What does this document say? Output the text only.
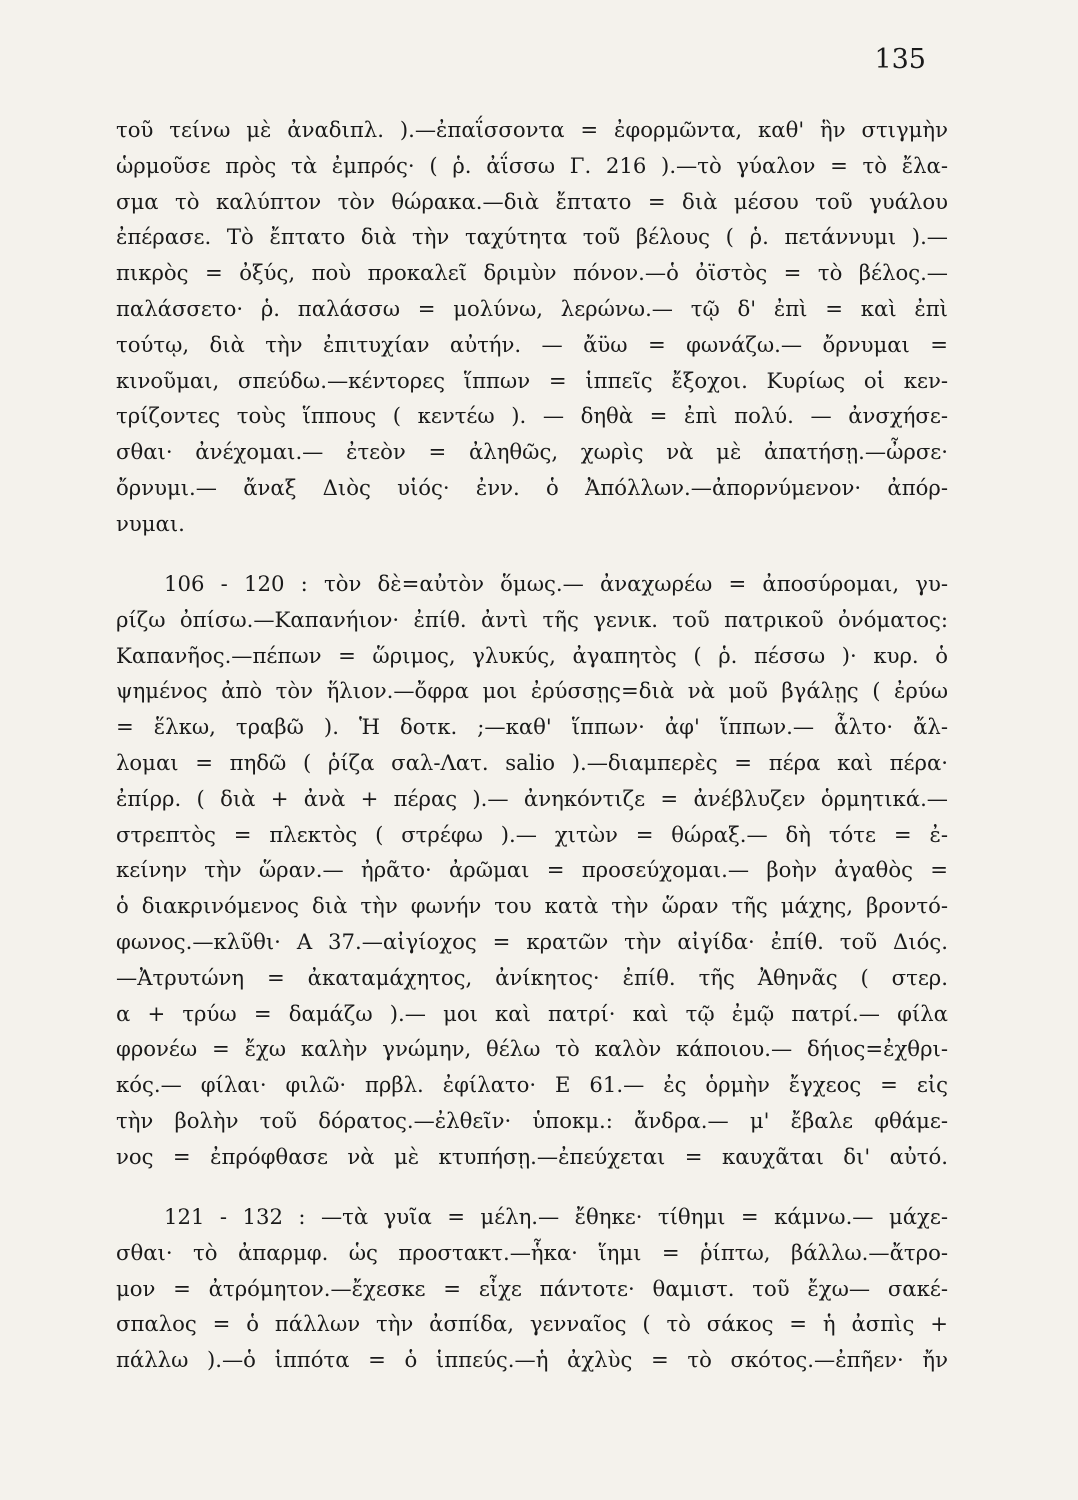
135
τοῦ τείνω μὲ ἀναδιπλ. ).—ἐπαΐσσοντα = ἐφορμῶντα, καθ' ἣν στιγμὴν
ὡρμοῦσε πρὸς τὰ ἐμπρός· ( ῥ. ἀΐσσω Γ. 216 ).—τὸ γύαλον = τὸ ἔλα-
σμα τὸ καλύπτον τὸν θώρακα.—διὰ ἔπτατο = διὰ μέσου τοῦ γυάλου
ἐπέρασε. Τὸ ἔπτατο διὰ τὴν ταχύτητα τοῦ βέλους ( ῥ. πετάννυμι ).—
πικρὸς = ὀξύς, ποὺ προκαλεῖ δριμὺν πόνον.—ὁ ὀϊστὸς = τὸ βέλος.—
παλάσσετο· ῥ. παλάσσω = μολύνω, λερώνω.— τῷ δ' ἐπὶ = καὶ ἐπὶ
τούτῳ, διὰ τὴν ἐπιτυχίαν αὐτήν. — ἄϋω = φωνάζω.— ὄρνυμαι =
κινοῦμαι, σπεύδω.—κέντορες ἵππων = ἱππεῖς ἔξοχοι. Κυρίως οἱ κεν-
τρίζοντες τοὺς ἵππους ( κεντέω ). — δηθὰ = ἐπὶ πολύ. — ἀνσχήσε-
σθαι· ἀνέχομαι.— ἐτεὸν = ἀληθῶς, χωρὶς νὰ μὲ ἀπατήσῃ.—ὦρσε·
ὄρνυμι.— ἄναξ Διὸς υἱός· ἐνν. ὁ Ἀπόλλων.—ἀπορνύμενον· ἀπόρ-
νυμαι.
106 - 120 : τὸν δὲ=αὐτὸν ὅμως.— ἀναχωρέω = ἀποσύρομαι, γυ-
ρίζω ὀπίσω.—Καπανήιον· ἐπίθ. ἀντὶ τῆς γενικ. τοῦ πατρικοῦ ὀνόματος:
Καπανῆος.—πέπων = ὥριμος, γλυκύς, ἀγαπητὸς ( ῥ. πέσσω )· κυρ. ὁ
ψημένος ἀπὸ τὸν ἥλιον.—ὄφρα μοι ἐρύσσῃς=διὰ νὰ μοῦ βγάλῃς ( ἐρύω
= ἕλκω, τραβῶ ). Ἡ δοτκ. ;—καθ' ἵππων· ἀφ' ἵππων.— ἆλτο· ἄλ-
λομαι = πηδῶ ( ῥίζα σαλ-Λατ. salio ).—διαμπερὲς = πέρα καὶ πέρα·
ἐπίρρ. ( διὰ + ἀνὰ + πέρας ).— ἀνηκόντιζε = ἀνέβλυζεν ὁρμητικά.—
στρεπτὸς = πλεκτὸς ( στρέφω ).— χιτὼν = θώραξ.— δὴ τότε = ἐ-
κείνην τὴν ὥραν.— ἠρᾶτο· ἀρῶμαι = προσεύχομαι.— βοὴν ἀγαθὸς =
ὁ διακρινόμενος διὰ τὴν φωνήν του κατὰ τὴν ὥραν τῆς μάχης, βροντό-
φωνος.—κλῦθι· Α 37.—αἰγίοχος = κρατῶν τὴν αἰγίδα· ἐπίθ. τοῦ Διός.
—Ἀτρυτώνη = ἀκαταμάχητος, ἀνίκητος· ἐπίθ. τῆς Ἀθηνᾶς ( στερ.
α + τρύω = δαμάζω ).— μοι καὶ πατρί· καὶ τῷ ἐμῷ πατρί.— φίλα
φρονέω = ἔχω καλὴν γνώμην, θέλω τὸ καλὸν κάποιου.— δήιος=ἐχθρι-
κός.— φίλαι· φιλῶ· πρβλ. ἐφίλατο· Ε 61.— ἐς ὁρμὴν ἔγχεος = εἰς
τὴν βολὴν τοῦ δόρατος.—ἐλθεῖν· ὑποκμ.: ἄνδρα.— μ' ἔβαλε φθάμε-
νος = ἐπρόφθασε νὰ μὲ κτυπήσῃ.—ἐπεύχεται = καυχᾶται δι' αὐτό.
121 - 132 : —τὰ γυῖα = μέλη.— ἔθηκε· τίθημι = κάμνω.— μάχε-
σθαι· τὸ ἀπαρμφ. ὡς προστακτ.—ἧκα· ἵημι = ῥίπτω, βάλλω.—ἄτρο-
μον = ἀτρόμητον.—ἔχεσκε = εἶχε πάντοτε· θαμιστ. τοῦ ἔχω— σακέ-
σπαλος = ὁ πάλλων τὴν ἀσπίδα, γενναῖος ( τὸ σάκος = ἡ ἀσπὶς +
πάλλω ).—ὁ ἱππότα = ὁ ἱππεύς.—ἡ ἀχλὺς = τὸ σκότος.—ἐπῆεν· ἤν
